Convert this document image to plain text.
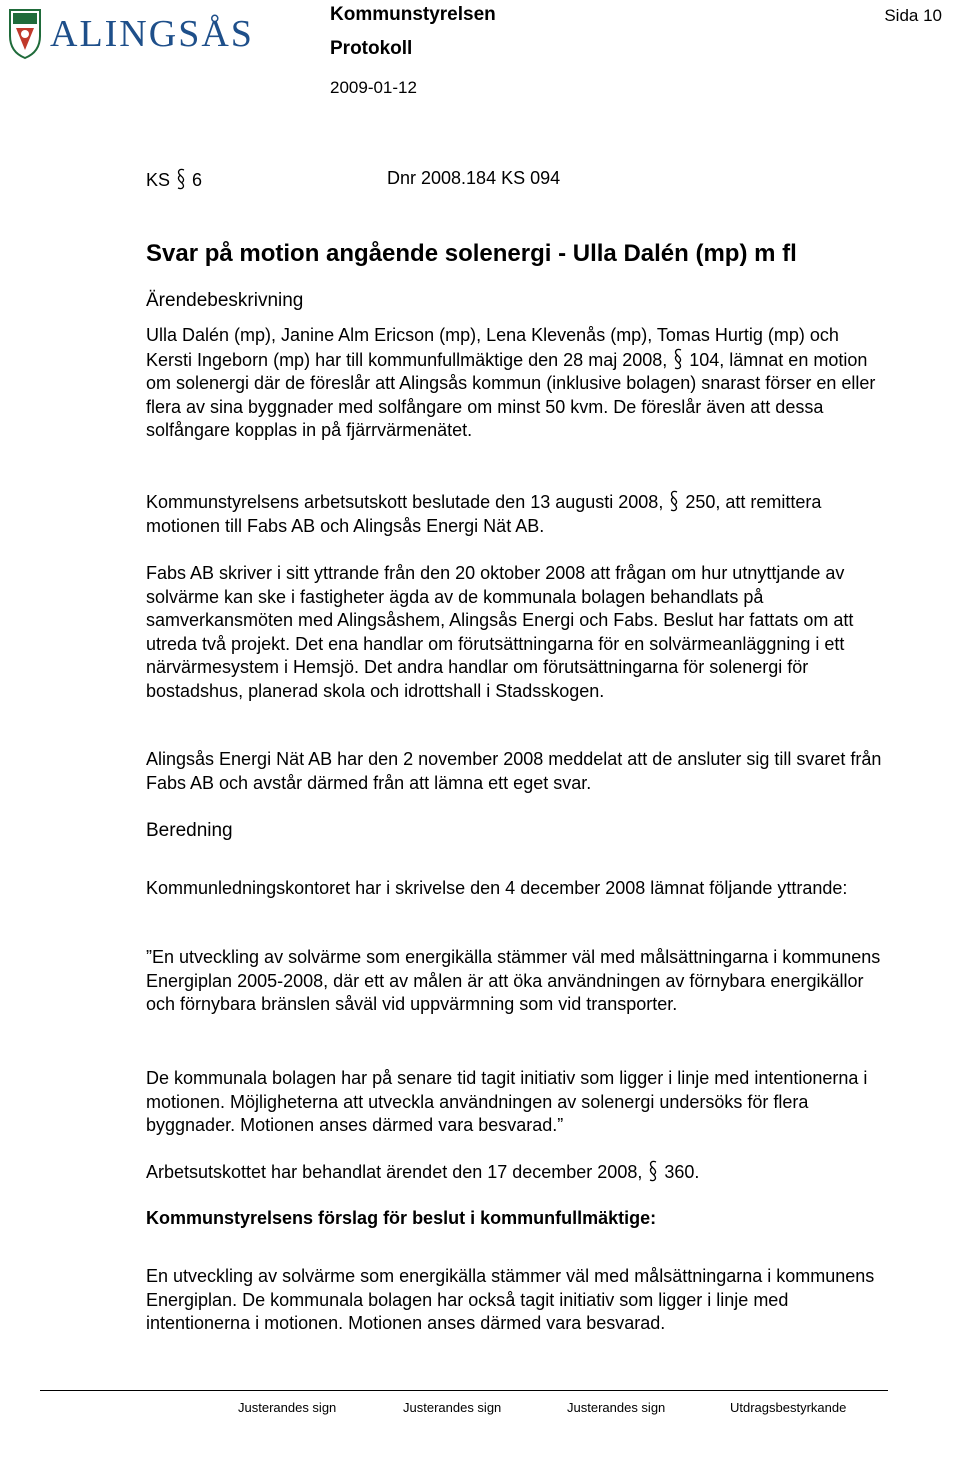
ALINGSÅS	Kommunstyrelsen
Protokoll
2009-01-12
Sida 10
KS 6	Dnr 2008.184 KS 094
Svar på motion angående solenergi - Ulla Dalén (mp) m fl
Ärendebeskrivning

Ulla Dalén (mp), Janine Alm Ericson (mp), Lena Klevenås (mp), Tomas Hurtig (mp) och Kersti Ingeborn (mp) har till kommunfullmäktige den 28 maj 2008, 104, lämnat en motion om solenergi där de föreslår att Alingsås kommun (inklusive bolagen) snarast förser en eller flera av sina byggnader med solfångare om minst 50 kvm. De föreslår även att dessa solfångare kopplas in på fjärrvärmenätet.

Kommunstyrelsens arbetsutskott beslutade den 13 augusti 2008, 250, att remittera motionen till Fabs AB och Alingsås Energi Nät AB.

Fabs AB skriver i sitt yttrande från den 20 oktober 2008 att frågan om hur utnyttjande av solvärme kan ske i fastigheter ägda av de kommunala bolagen behandlats på samverkansmöten med Alingsåshem, Alingsås Energi och Fabs. Beslut har fattats om att utreda två projekt. Det ena handlar om förutsättningarna för en solvärmeanläggning i ett närvärmesystem i Hemsjö. Det andra handlar om förutsättningarna för solenergi för bostadshus, planerad skola och idrottshall i Stadsskogen.

Alingsås Energi Nät AB har den 2 november 2008 meddelat att de ansluter sig till svaret från Fabs AB och avstår därmed från att lämna ett eget svar.

Beredning

Kommunledningskontoret har i skrivelse den 4 december 2008 lämnat följande yttrande:

”En utveckling av solvärme som energikälla stämmer väl med målsättningarna i kommunens Energiplan 2005-2008, där ett av målen är att öka användningen av förnybara energikällor och förnybara bränslen såväl vid uppvärmning som vid transporter.

De kommunala bolagen har på senare tid tagit initiativ som ligger i linje med intentionerna i motionen. Möjligheterna att utveckla användningen av solenergi undersöks för flera byggnader. Motionen anses därmed vara besvarad.”

Arbetsutskottet har behandlat ärendet den 17 december 2008, 360.

Kommunstyrelsens förslag för beslut i kommunfullmäktige:

En utveckling av solvärme som energikälla stämmer väl med målsättningarna i kommunens Energiplan. De kommunala bolagen har också tagit initiativ som ligger i linje med intentionerna i motionen. Motionen anses därmed vara besvarad.

Justerandes sign	Justerandes sign	Justerandes sign	Utdragsbestyrkande
